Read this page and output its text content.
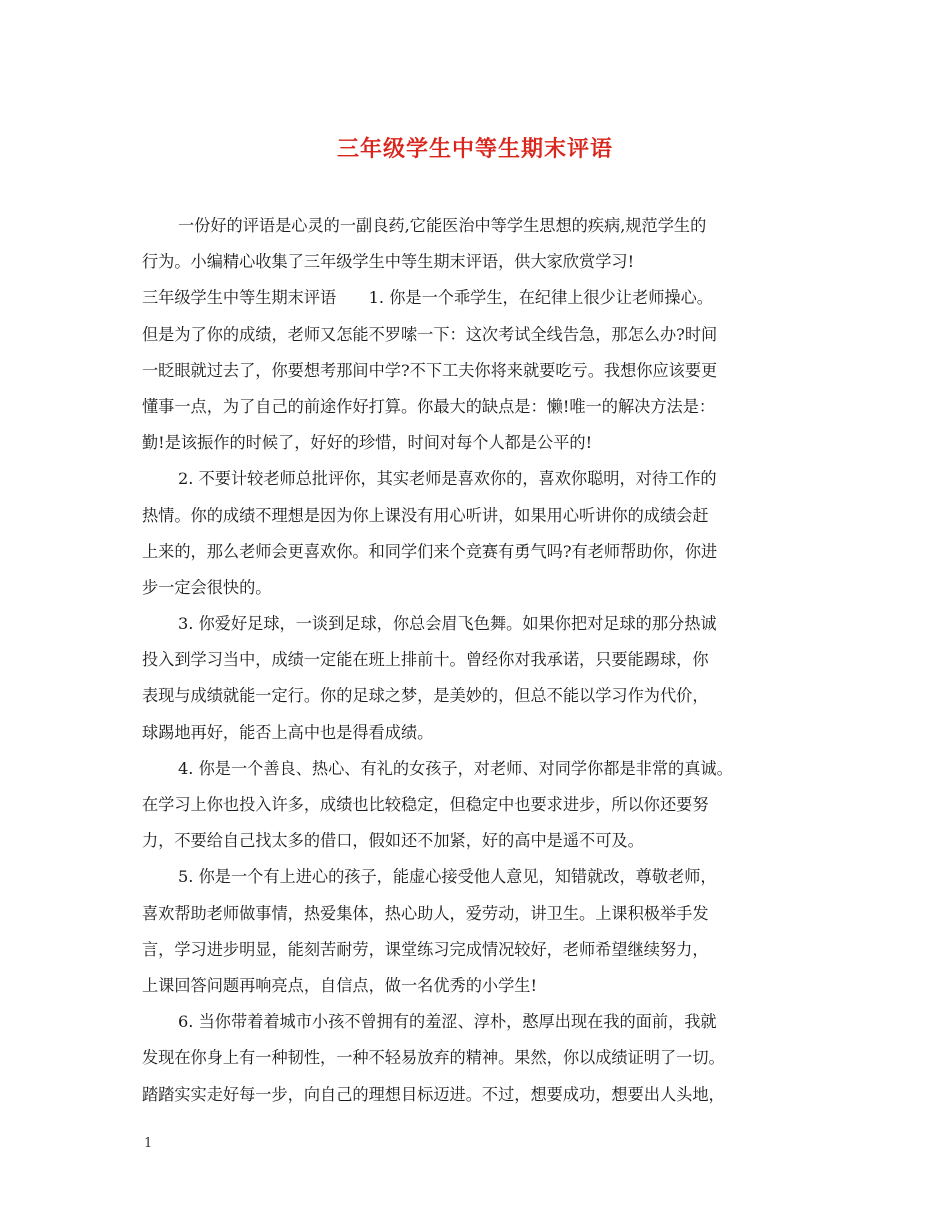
三年级学生中等生期末评语
一份好的评语是心灵的一副良药,它能医治中等学生思想的疾病,规范学生的
行为。小编精心收集了三年级学生中等生期末评语，供大家欣赏学习!
三年级学生中等生期末评语　　1. 你是一个乖学生，在纪律上很少让老师操心。
但是为了你的成绩，老师又怎能不罗嗦一下：这次考试全线告急，那怎么办?时间
一眨眼就过去了，你要想考那间中学?不下工夫你将来就要吃亏。我想你应该要更
懂事一点，为了自己的前途作好打算。你最大的缺点是：懒!唯一的解决方法是：
勤!是该振作的时候了，好好的珍惜，时间对每个人都是公平的!
2. 不要计较老师总批评你，其实老师是喜欢你的，喜欢你聪明，对待工作的
热情。你的成绩不理想是因为你上课没有用心听讲，如果用心听讲你的成绩会赶
上来的，那么老师会更喜欢你。和同学们来个竞赛有勇气吗?有老师帮助你，你进
步一定会很快的。
3. 你爱好足球，一谈到足球，你总会眉飞色舞。如果你把对足球的那分热诚
投入到学习当中，成绩一定能在班上排前十。曾经你对我承诺，只要能踢球，你
表现与成绩就能一定行。你的足球之梦，是美妙的，但总不能以学习作为代价，
球踢地再好，能否上高中也是得看成绩。
4. 你是一个善良、热心、有礼的女孩子，对老师、对同学你都是非常的真诚。
在学习上你也投入许多，成绩也比较稳定，但稳定中也要求进步，所以你还要努
力，不要给自己找太多的借口，假如还不加紧，好的高中是遥不可及。
5. 你是一个有上进心的孩子，能虚心接受他人意见，知错就改，尊敬老师，
喜欢帮助老师做事情，热爱集体，热心助人，爱劳动，讲卫生。上课积极举手发
言，学习进步明显，能刻苦耐劳，课堂练习完成情况较好，老师希望继续努力，
上课回答问题再响亮点，自信点，做一名优秀的小学生!
6. 当你带着着城市小孩不曾拥有的羞涩、淳朴，憨厚出现在我的面前，我就
发现在你身上有一种韧性，一种不轻易放弃的精神。果然，你以成绩证明了一切。
踏踏实实走好每一步，向自己的理想目标迈进。不过，想要成功，想要出人头地，
1
